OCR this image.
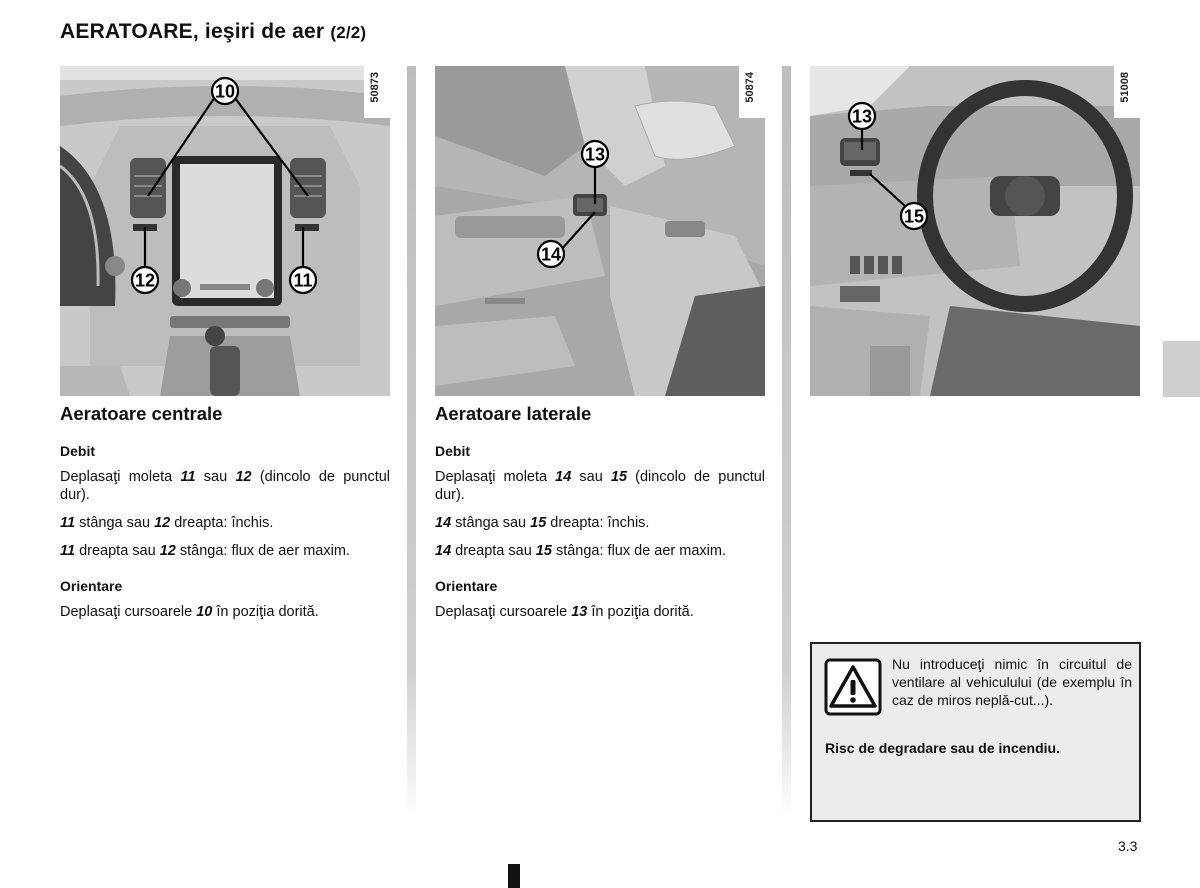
AERATOARE, ieşiri de aer (2/2)
10
12	11
50873
13
14
50874
13
15
51008
Aeratoare centrale
Debit

Deplasaţi moleta 11 sau 12 (dincolo de punctul dur).

11 stânga sau 12 dreapta: închis.

11 dreapta sau 12 stânga: flux de aer maxim.

Orientare

Deplasaţi cursoarele 10 în poziţia dorită.

Aeratoare laterale
Debit

Deplasaţi moleta 14 sau 15 (dincolo de punctul dur).

14 stânga sau 15 dreapta: închis.

14 dreapta sau 15 stânga: flux de aer maxim.

Orientare

Deplasaţi cursoarele 13 în poziţia dorită.

Nu introduceţi nimic în circuitul de ventilare al vehiculului (de exemplu în caz de miros neplă-cut...).
Risc de degradare sau de incendiu.
3.3
